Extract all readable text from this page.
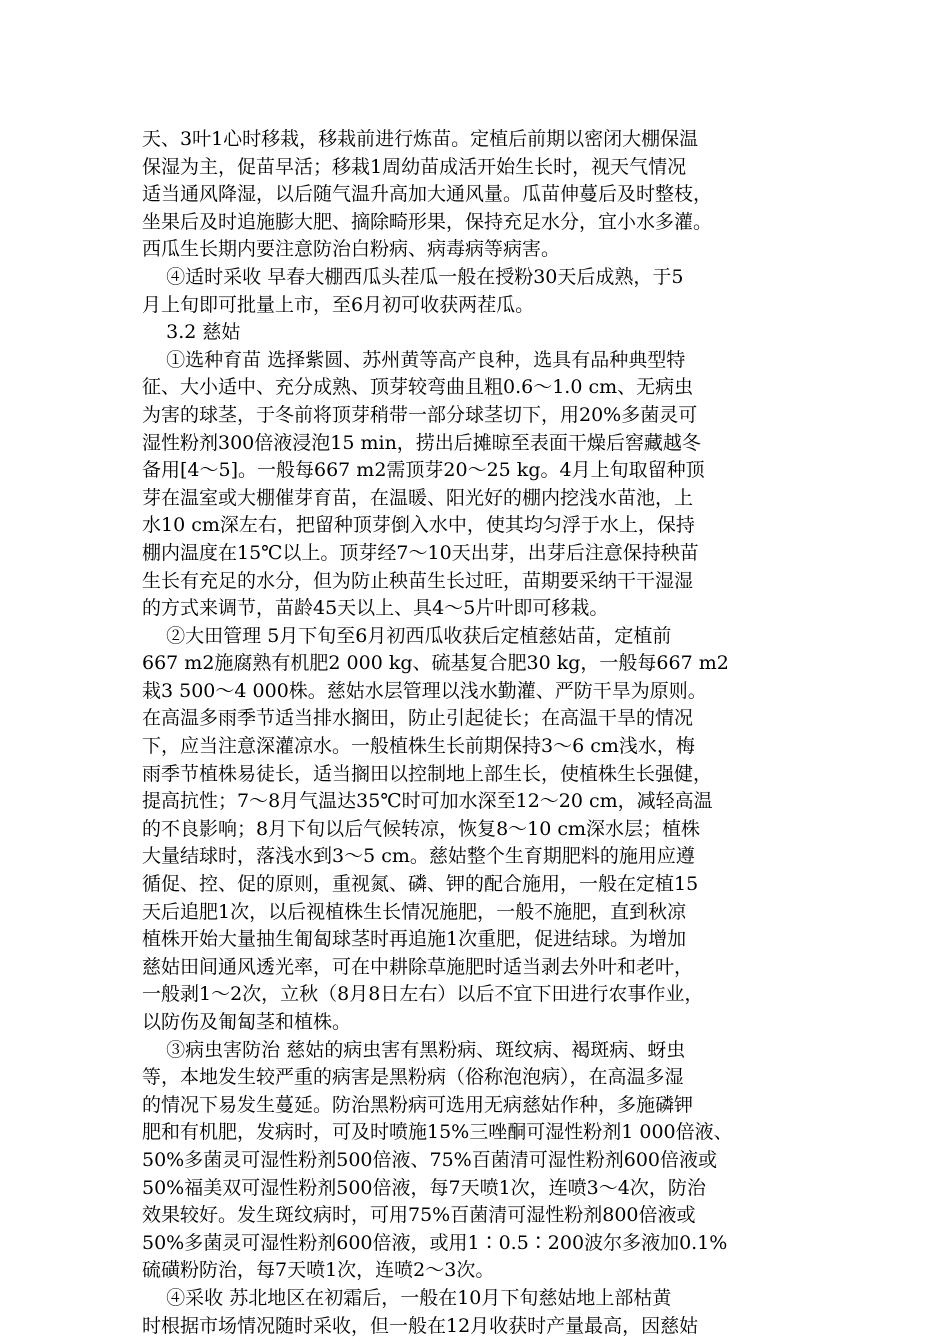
天、3叶1心时移栽，移栽前进行炼苗。定植后前期以密闭大棚保温
保湿为主，促苗早活；移栽1周幼苗成活开始生长时，视天气情况
适当通风降湿，以后随气温升高加大通风量。瓜苗伸蔓后及时整枝，
坐果后及时追施膨大肥、摘除畸形果，保持充足水分，宜小水多灌。
西瓜生长期内要注意防治白粉病、病毒病等病害。

④适时采收 早春大棚西瓜头茬瓜一般在授粉30天后成熟，于5
月上旬即可批量上市，至6月初可收获两茬瓜。

3.2 慈姑

①选种育苗 选择紫圆、苏州黄等高产良种，选具有品种典型特
征、大小适中、充分成熟、顶芽较弯曲且粗0.6～1.0 cm、无病虫
为害的球茎，于冬前将顶芽稍带一部分球茎切下，用20%多菌灵可
湿性粉剂300倍液浸泡15 min，捞出后摊晾至表面干燥后窖藏越冬
备用[4～5]。一般每667 m2需顶芽20～25 kg。4月上旬取留种顶
芽在温室或大棚催芽育苗，在温暖、阳光好的棚内挖浅水苗池，上
水10 cm深左右，把留种顶芽倒入水中，使其均匀浮于水上，保持
棚内温度在15℃以上。顶芽经7～10天出芽，出芽后注意保持秧苗
生长有充足的水分，但为防止秧苗生长过旺，苗期要采纳干干湿湿
的方式来调节，苗龄45天以上、具4～5片叶即可移栽。

②大田管理 5月下旬至6月初西瓜收获后定植慈姑苗，定植前
667 m2施腐熟有机肥2 000 kg、硫基复合肥30 kg，一般每667 m2
栽3 500～4 000株。慈姑水层管理以浅水勤灌、严防干旱为原则。
在高温多雨季节适当排水搁田，防止引起徒长；在高温干旱的情况
下，应当注意深灌凉水。一般植株生长前期保持3～6 cm浅水，梅
雨季节植株易徒长，适当搁田以控制地上部生长，使植株生长强健，
提高抗性；7～8月气温达35℃时可加水深至12～20 cm，减轻高温
的不良影响；8月下旬以后气候转凉，恢复8～10 cm深水层；植株
大量结球时，落浅水到3～5 cm。慈姑整个生育期肥料的施用应遵
循促、控、促的原则，重视氮、磷、钾的配合施用，一般在定植15
天后追肥1次，以后视植株生长情况施肥，一般不施肥，直到秋凉
植株开始大量抽生匍匐球茎时再追施1次重肥，促进结球。为增加
慈姑田间通风透光率，可在中耕除草施肥时适当剥去外叶和老叶，
一般剥1～2次，立秋（8月8日左右）以后不宜下田进行农事作业，
以防伤及匍匐茎和植株。

③病虫害防治 慈姑的病虫害有黑粉病、斑纹病、褐斑病、蚜虫
等，本地发生较严重的病害是黑粉病（俗称泡泡病），在高温多湿
的情况下易发生蔓延。防治黑粉病可选用无病慈姑作种，多施磷钾
肥和有机肥，发病时，可及时喷施15%三唑酮可湿性粉剂1 000倍液、
50%多菌灵可湿性粉剂500倍液、75%百菌清可湿性粉剂600倍液或
50%福美双可湿性粉剂500倍液，每7天喷1次，连喷3～4次，防治
效果较好。发生斑纹病时，可用75%百菌清可湿性粉剂800倍液或
50%多菌灵可湿性粉剂600倍液，或用1∶0.5∶200波尔多液加0.1%
硫磺粉防治，每7天喷1次，连喷2～3次。

④采收 苏北地区在初霜后，一般在10月下旬慈姑地上部枯黄
时根据市场情况随时采收，但一般在12月收获时产量最高，因慈姑
